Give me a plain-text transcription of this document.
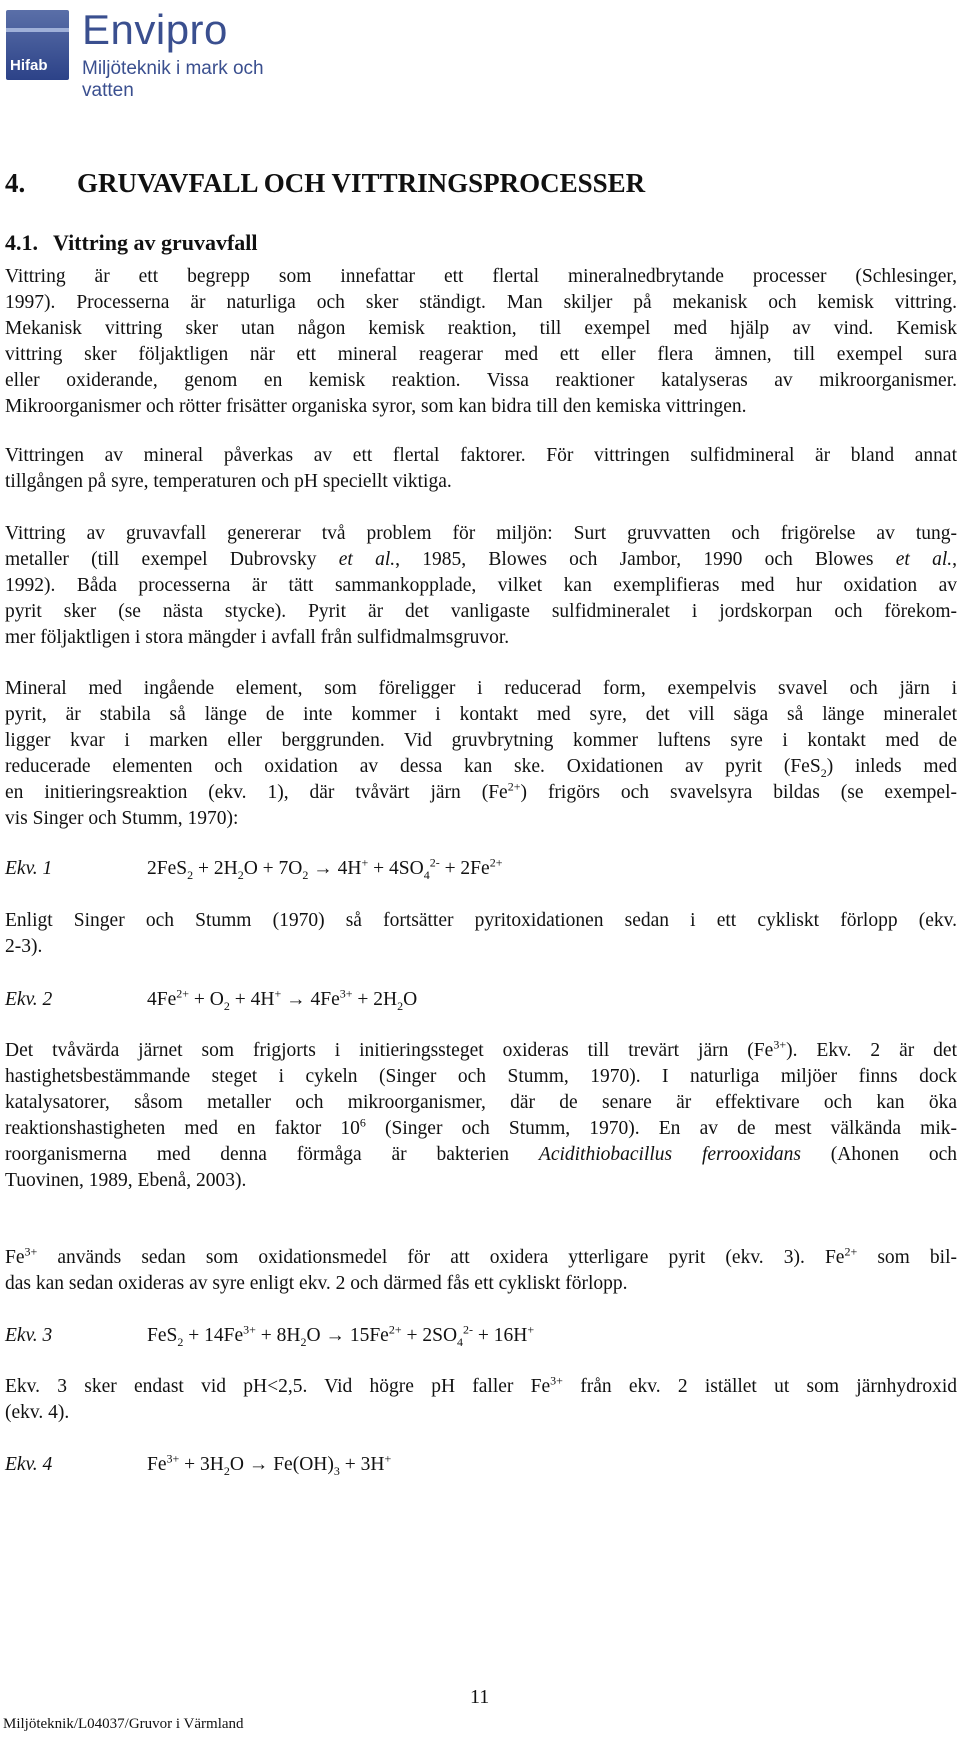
Hifab
Envipro
Miljöteknik i mark och vatten
4. GRUVAVFALL OCH VITTRINGSPROCESSER
4.1. Vittring av gruvavfall
Vittring är ett begrepp som innefattar ett flertal mineralnedbrytande processer (Schlesinger,
1997). Processerna är naturliga och sker ständigt. Man skiljer på mekanisk och kemisk vittring.
Mekanisk vittring sker utan någon kemisk reaktion, till exempel med hjälp av vind. Kemisk
vittring sker följaktligen när ett mineral reagerar med ett eller flera ämnen, till exempel sura
eller oxiderande, genom en kemisk reaktion. Vissa reaktioner katalyseras av mikroorganismer.
Mikroorganismer och rötter frisätter organiska syror, som kan bidra till den kemiska vittringen.
Vittringen av mineral påverkas av ett flertal faktorer. För vittringen sulfidmineral är bland annat
tillgången på syre, temperaturen och pH speciellt viktiga.
Vittring av gruvavfall genererar två problem för miljön: Surt gruvvatten och frigörelse av tung-
metaller (till exempel Dubrovsky et al., 1985, Blowes och Jambor, 1990 och Blowes et al.,
1992). Båda processerna är tätt sammankopplade, vilket kan exemplifieras med hur oxidation av
pyrit sker (se nästa stycke). Pyrit är det vanligaste sulfidmineralet i jordskorpan och förekom-
mer följaktligen i stora mängder i avfall från sulfidmalmsgruvor.
Mineral med ingående element, som föreligger i reducerad form, exempelvis svavel och järn i
pyrit, är stabila så länge de inte kommer i kontakt med syre, det vill säga så länge mineralet
ligger kvar i marken eller berggrunden. Vid gruvbrytning kommer luftens syre i kontakt med de
reducerade elementen och oxidation av dessa kan ske. Oxidationen av pyrit (FeS$_2$) inleds med
en initieringsreaktion (ekv. 1), där tvåvärt järn $(Fe^{2+})$ frigörs och svavelsyra bildas (se exempel-
vis Singer och Stumm, 1970):
Ekv. 1	$2FeS_2 + 2H_2O + 7O_2 \to 4H^+ + 4SO_4^{2-} + 2Fe^{2+}$
Enligt Singer och Stumm (1970) så fortsätter pyritoxidationen sedan i ett cykliskt förlopp (ekv.
2-3).
Ekv. 2	$4Fe^{2+} + O_2 + 4H^+ \to 4Fe^{3+} + 2H_2O$
Det tvåvärda järnet som frigjorts i initieringssteget oxideras till trevärt järn $(Fe^{3+})$. Ekv. 2 är det
hastighetsbestämmande steget i cykeln (Singer och Stumm, 1970). I naturliga miljöer finns dock
katalysatorer, såsom metaller och mikroorganismer, där de senare är effektivare och kan öka
reaktionshastigheten med en faktor $10^6$ (Singer och Stumm, 1970). En av de mest välkända mik-
roorganismerna med denna förmåga är bakterien Acidithiobacillus ferrooxidans (Ahonen och
Tuovinen, 1989, Ebenå, 2003).
$Fe^{3+}$ används sedan som oxidationsmedel för att oxidera ytterligare pyrit (ekv. 3). $Fe^{2+}$ som bil-
das kan sedan oxideras av syre enligt ekv. 2 och därmed fås ett cykliskt förlopp.
Ekv. 3	$FeS_2 + 14Fe^{3+} + 8H_2O \to 15Fe^{2+} + 2SO_4^{2-} + 16H^+$
Ekv. 3 sker endast vid pH<2,5. Vid högre pH faller $Fe^{3+}$ från ekv. 2 istället ut som järnhydroxid
(ekv. 4).
Ekv. 4	$Fe^{3+} + 3H_2O \to Fe(OH)_3 + 3H^+$
11
Miljöteknik/L04037/Gruvor i Värmland
